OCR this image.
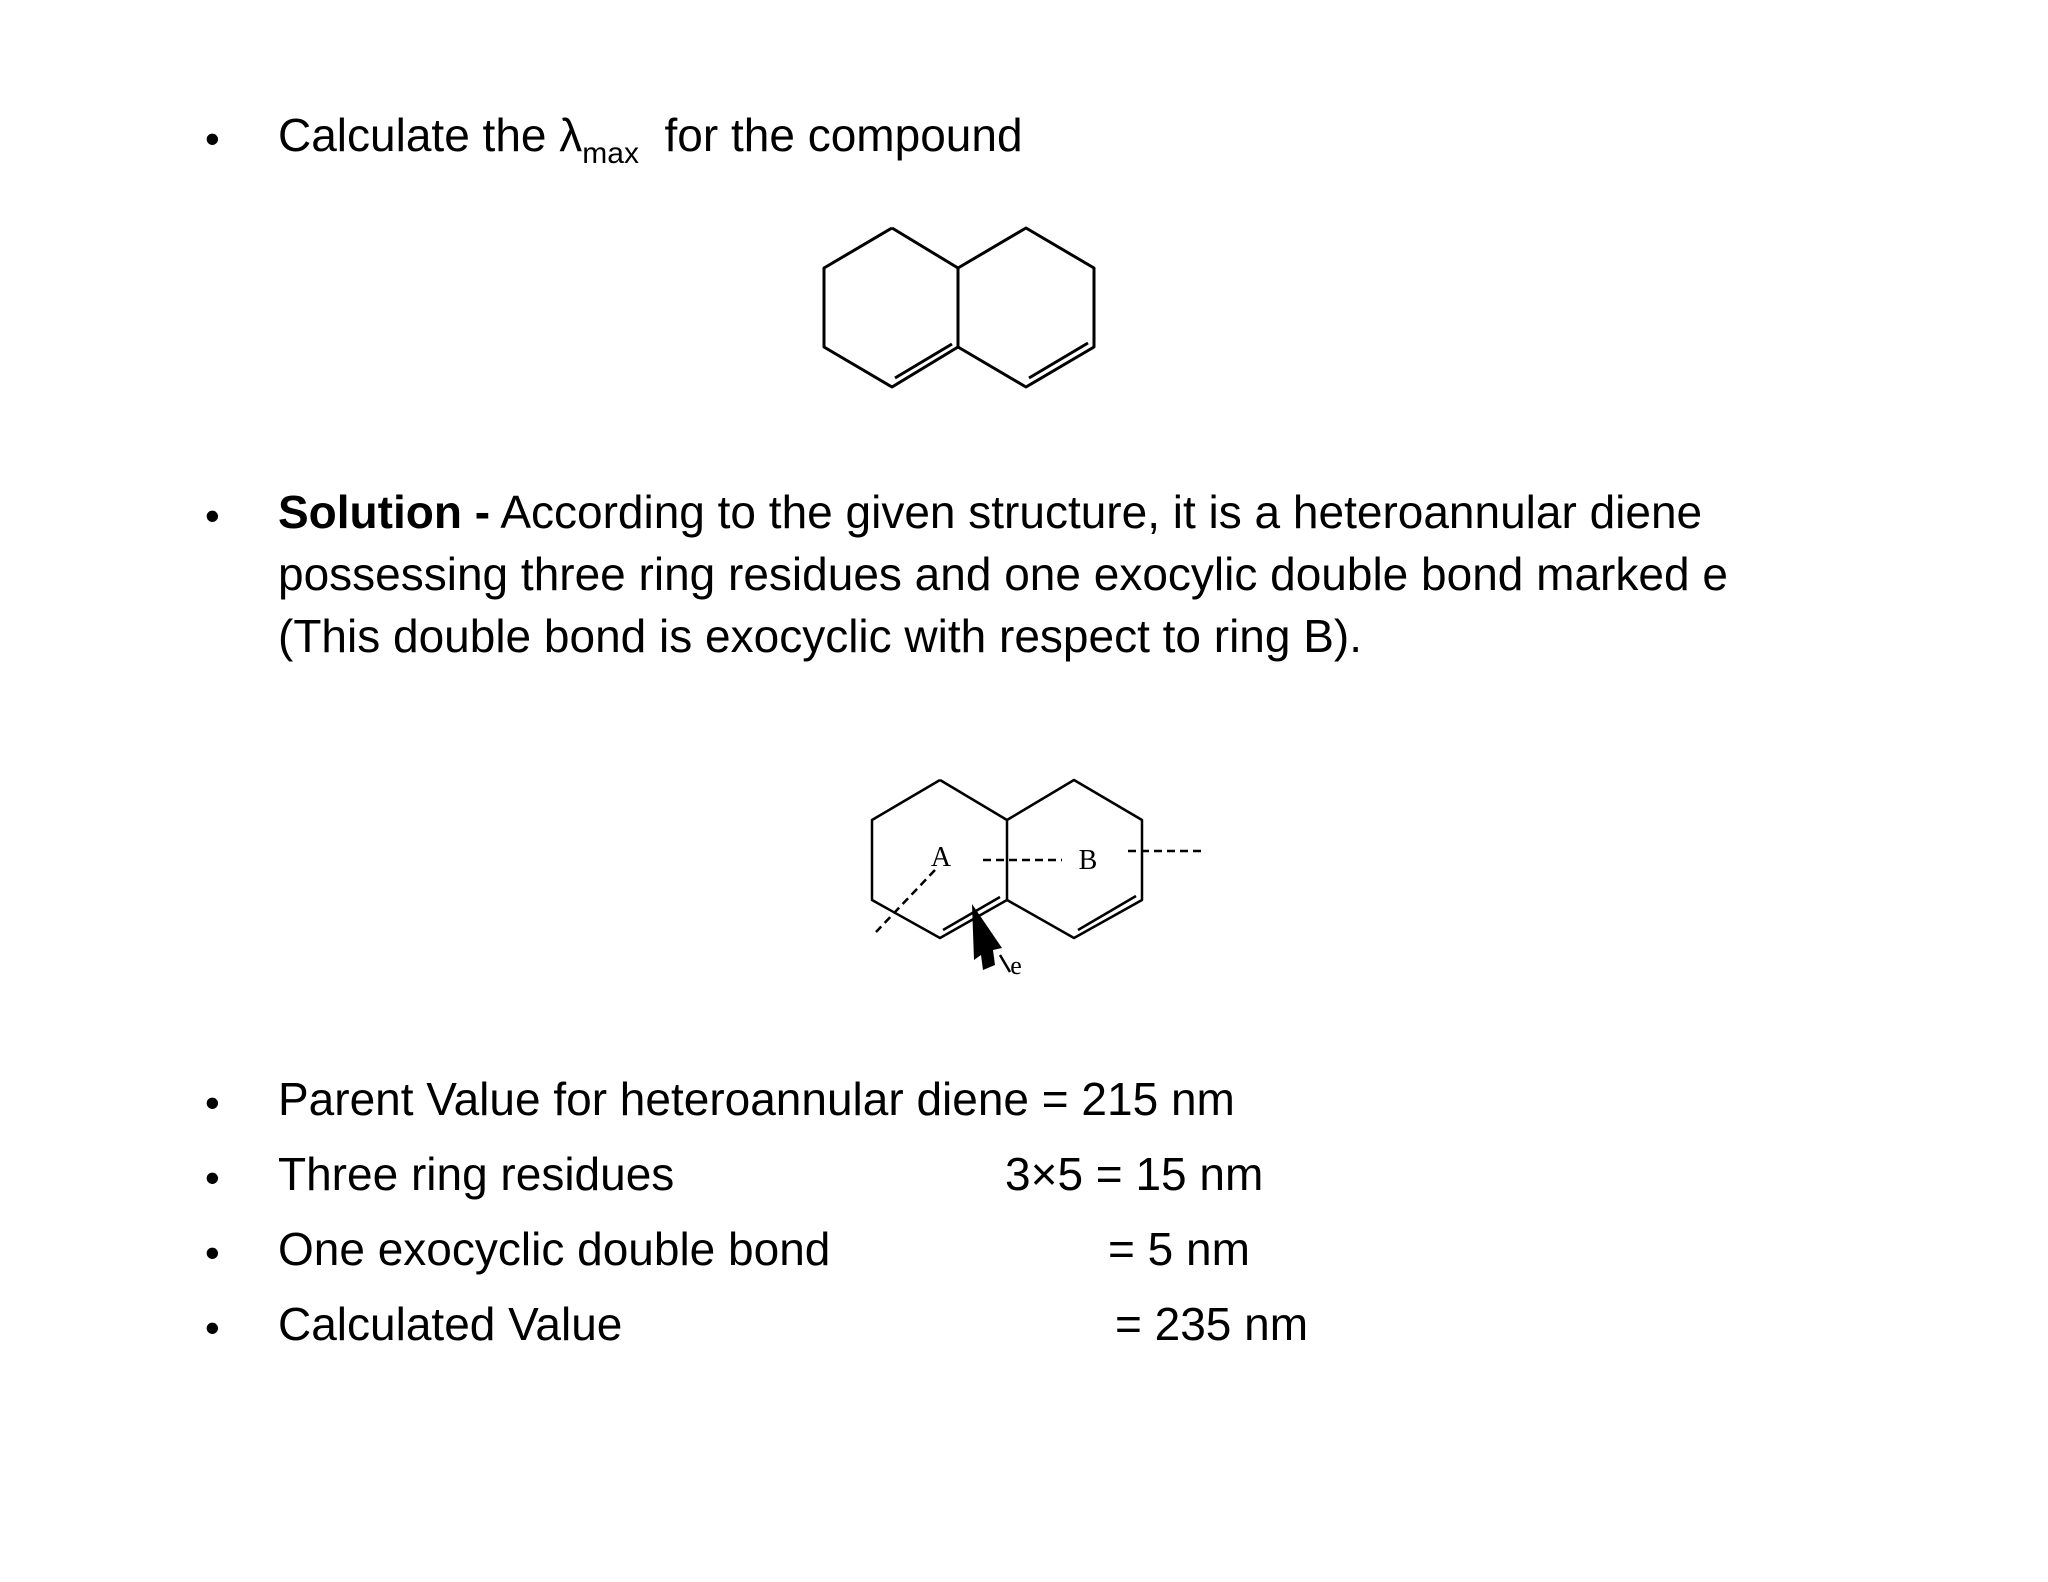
• Calculate the $\lambda_{max}$ for the compound
• Solution - According to the given structure, it is a heteroannular diene
possessing three ring residues and one exocylic double bond marked e
(This double bond is exocyclic with respect to ring B).
A	B
e
• Parent Value for heteroannular diene = 215 nm
• Three ring residues	3×5 = 15 nm
• One exocyclic double bond	= 5 nm
• Calculated Value	= 235 nm
